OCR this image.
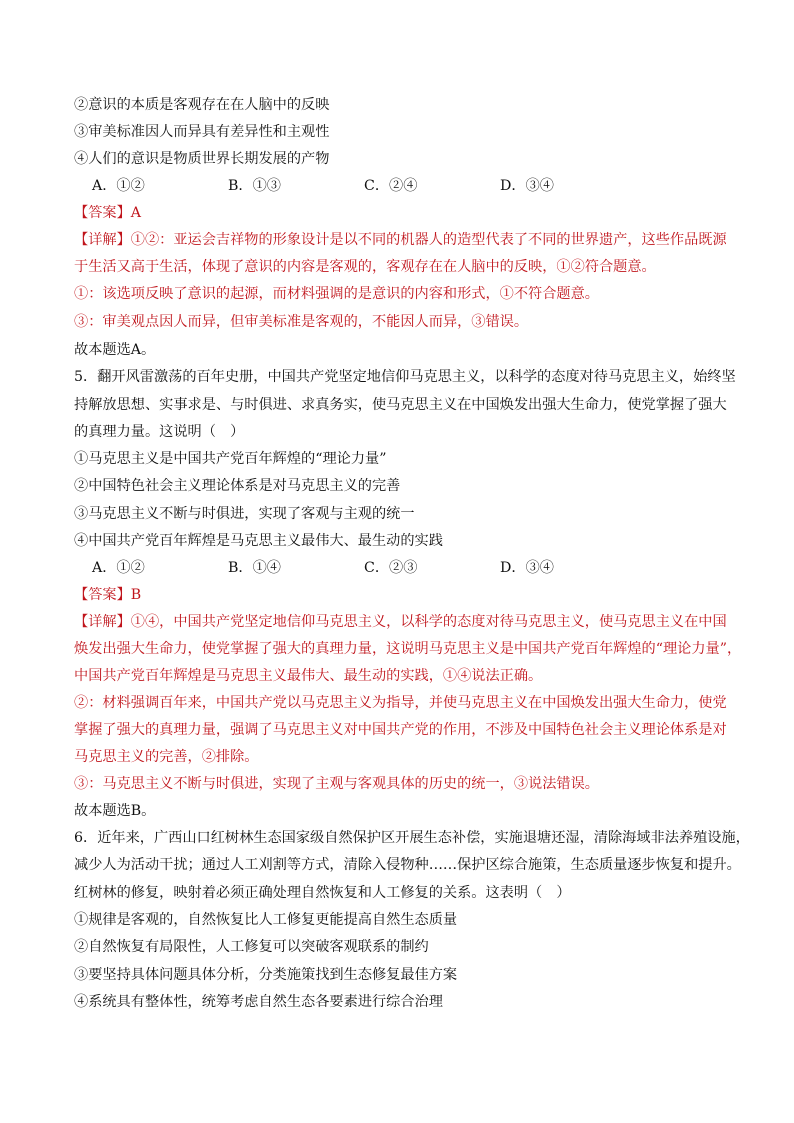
②意识的本质是客观存在在人脑中的反映
③审美标准因人而异具有差异性和主观性
④人们的意识是物质世界长期发展的产物
A．①②	B．①③	C．②④	D．③④
【答案】A
【详解】①②：亚运会吉祥物的形象设计是以不同的机器人的造型代表了不同的世界遗产，这些作品既源
于生活又高于生活，体现了意识的内容是客观的，客观存在在人脑中的反映，①②符合题意。
①：该选项反映了意识的起源，而材料强调的是意识的内容和形式，①不符合题意。
③：审美观点因人而异，但审美标准是客观的，不能因人而异，③错误。
故本题选A。
5．翻开风雷激荡的百年史册，中国共产党坚定地信仰马克思主义，以科学的态度对待马克思主义，始终坚
持解放思想、实事求是、与时俱进、求真务实，使马克思主义在中国焕发出强大生命力，使党掌握了强大
的真理力量。这说明（　）
①马克思主义是中国共产党百年辉煌的“理论力量”
②中国特色社会主义理论体系是对马克思主义的完善
③马克思主义不断与时俱进，实现了客观与主观的统一
④中国共产党百年辉煌是马克思主义最伟大、最生动的实践
A．①②	B．①④	C．②③	D．③④
【答案】B
【详解】①④，中国共产党坚定地信仰马克思主义，以科学的态度对待马克思主义，使马克思主义在中国
焕发出强大生命力，使党掌握了强大的真理力量，这说明马克思主义是中国共产党百年辉煌的“理论力量”，
中国共产党百年辉煌是马克思主义最伟大、最生动的实践，①④说法正确。
②：材料强调百年来，中国共产党以马克思主义为指导，并使马克思主义在中国焕发出强大生命力，使党
掌握了强大的真理力量，强调了马克思主义对中国共产党的作用，不涉及中国特色社会主义理论体系是对
马克思主义的完善，②排除。
③：马克思主义不断与时俱进，实现了主观与客观具体的历史的统一，③说法错误。
故本题选B。
6．近年来，广西山口红树林生态国家级自然保护区开展生态补偿，实施退塘还湿，清除海域非法养殖设施，
减少人为活动干扰；通过人工刈割等方式，清除入侵物种……保护区综合施策，生态质量逐步恢复和提升。
红树林的修复，映射着必须正确处理自然恢复和人工修复的关系。这表明（　）
①规律是客观的，自然恢复比人工修复更能提高自然生态质量
②自然恢复有局限性，人工修复可以突破客观联系的制约
③要坚持具体问题具体分析，分类施策找到生态修复最佳方案
④系统具有整体性，统筹考虑自然生态各要素进行综合治理
